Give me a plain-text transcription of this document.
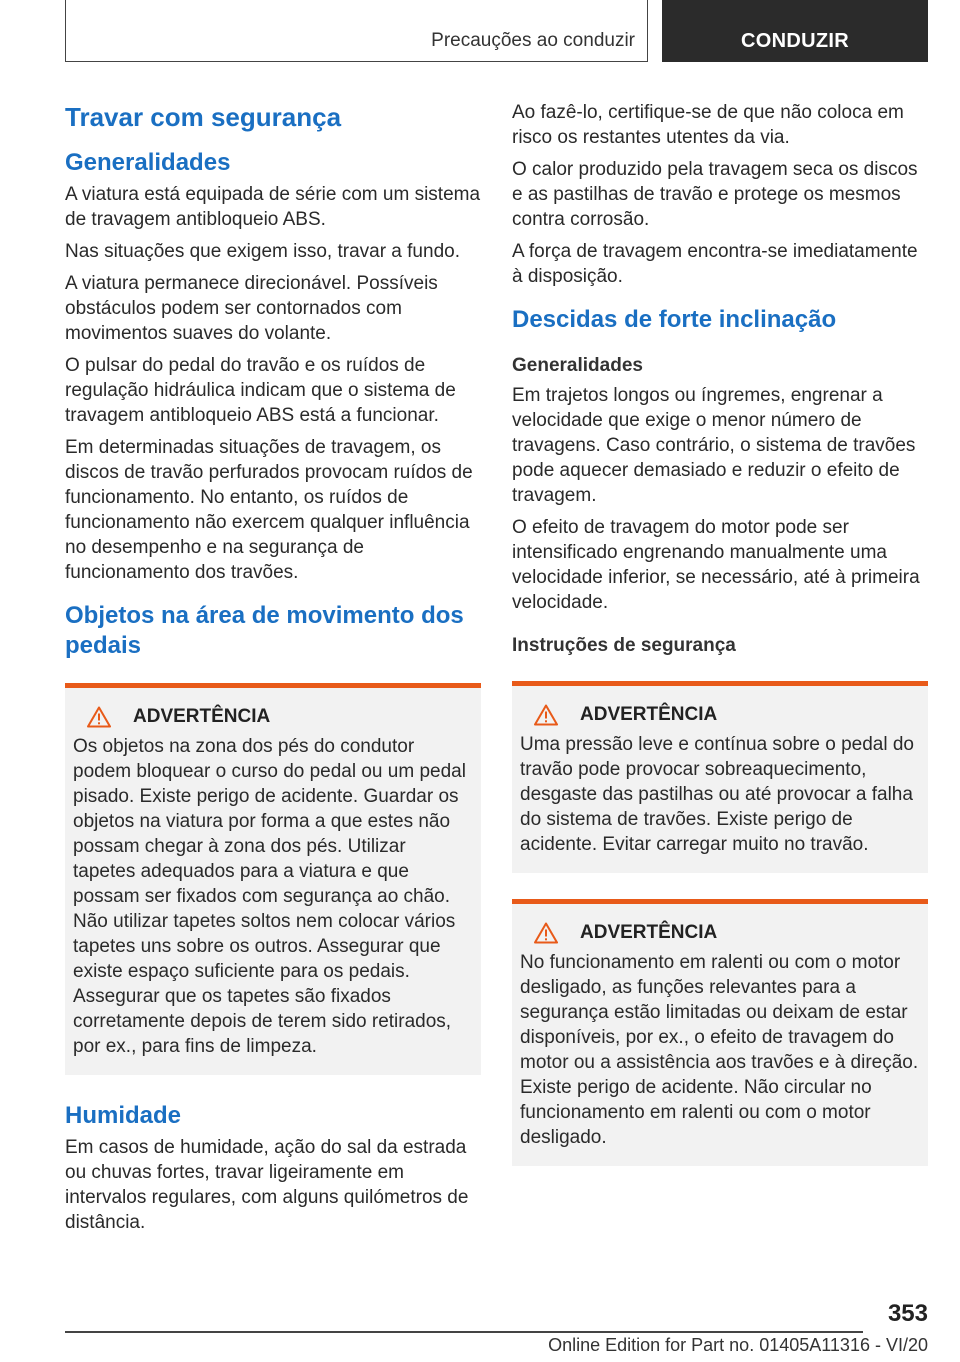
Precauções ao conduzir	CONDUZIR
Travar com segurança
Generalidades

A viatura está equipada de série com um sistema de travagem antibloqueio ABS.

Nas situações que exigem isso, travar a fundo.

A viatura permanece direcionável. Possíveis obstáculos podem ser contornados com movimentos suaves do volante.

O pulsar do pedal do travão e os ruídos de regulação hidráulica indicam que o sistema de travagem antibloqueio ABS está a funcionar.

Em determinadas situações de travagem, os discos de travão perfurados provocam ruídos de funcionamento. No entanto, os ruídos de funcionamento não exercem qualquer influência no desempenho e na segurança de funcionamento dos travões.

Objetos na área de movimento dos pedais
ADVERTÊNCIA

Os objetos na zona dos pés do condutor podem bloquear o curso do pedal ou um pedal pisado. Existe perigo de acidente. Guardar os objetos na viatura por forma a que estes não possam chegar à zona dos pés. Utilizar tapetes adequados para a viatura e que possam ser fixados com segurança ao chão. Não utilizar tapetes soltos nem colocar vários tapetes uns sobre os outros. Assegurar que existe espaço suficiente para os pedais. Assegurar que os tapetes são fixados corretamente depois de terem sido retirados, por ex., para fins de limpeza.

Humidade

Em casos de humidade, ação do sal da estrada ou chuvas fortes, travar ligeiramente em intervalos regulares, com alguns quilómetros de distância.

Ao fazê-lo, certifique-se de que não coloca em risco os restantes utentes da via.

O calor produzido pela travagem seca os discos e as pastilhas de travão e protege os mesmos contra corrosão.

A força de travagem encontra-se imediatamente à disposição.

Descidas de forte inclinação
Generalidades

Em trajetos longos ou íngremes, engrenar a velocidade que exige o menor número de travagens. Caso contrário, o sistema de travões pode aquecer demasiado e reduzir o efeito de travagem.

O efeito de travagem do motor pode ser intensificado engrenando manualmente uma velocidade inferior, se necessário, até à primeira velocidade.

Instruções de segurança
ADVERTÊNCIA

Uma pressão leve e contínua sobre o pedal do travão pode provocar sobreaquecimento, desgaste das pastilhas ou até provocar a falha do sistema de travões. Existe perigo de acidente. Evitar carregar muito no travão.

ADVERTÊNCIA

No funcionamento em ralenti ou com o motor desligado, as funções relevantes para a segurança estão limitadas ou deixam de estar disponíveis, por ex., o efeito de travagem do motor ou a assistência aos travões e à direção. Existe perigo de acidente. Não circular no funcionamento em ralenti ou com o motor desligado.

353
Online Edition for Part no. 01405A11316 - VI/20
